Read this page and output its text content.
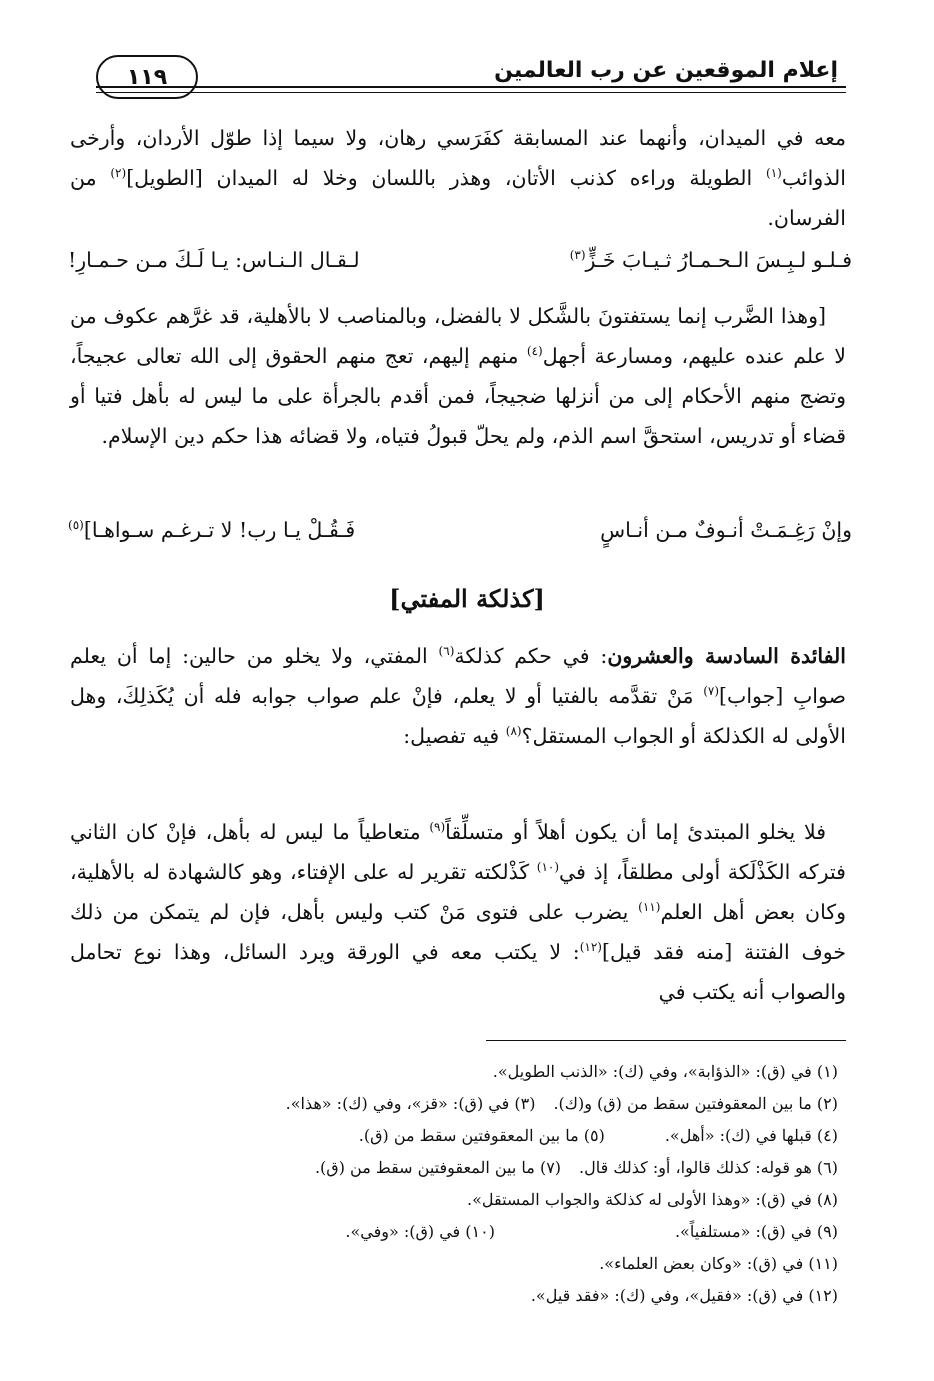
إعلام الموقعين عن رب العالمين
١١٩
معه في الميدان، وأنهما عند المسابقة كفَرَسي رهان، ولا سيما إذا طوّل الأردان، وأرخى الذوائب$^{(١)}$ الطويلة وراءه كذنب الأتان، وهذر باللسان وخلا له الميدان [الطويل]$^{(٢)}$ من الفرسان.
فـلـو لـبِـسَ الـحـمـارُ ثـيـابَ خَـزٍّ$^{(٣)}$
لـقـال الـنـاس: يـا لَـكَ مـن حـمـارِ!
[وهذا الضَّرب إنما يستفتونَ بالشَّكل لا بالفضل، وبالمناصب لا بالأهلية، قد غرَّهم عكوف من لا علم عنده عليهم، ومسارعة أجهل$^{(٤)}$ منهم إليهم، تعج منهم الحقوق إلى الله تعالى عجيجاً، وتضج منهم الأحكام إلى من أنزلها ضجيجاً، فمن أقدم بالجرأة على ما ليس له بأهل فتيا أو قضاء أو تدريس، استحقَّ اسم الذم، ولم يحلّ قبولُ فتياه، ولا قضائه هذا حكم دين الإسلام.
وإنْ رَغِـمَـتْ أنـوفٌ مـن أنـاسٍ
فَـقُـلْ يـا رب! لا تـرغـم سـواهـا]$^{(٥)}$
[كذلكة المفتي]
الفائدة السادسة والعشرون: في حكم كذلكة$^{(٦)}$ المفتي، ولا يخلو من حالين: إما أن يعلم صوابِ [جواب]$^{(٧)}$ مَنْ تقدَّمه بالفتيا أو لا يعلم، فإنْ علم صواب جوابه فله أن يُكَذلِكَ، وهل الأولى له الكذلكة أو الجواب المستقل؟$^{(٨)}$ فيه تفصيل:
فلا يخلو المبتدئ إما أن يكون أهلاً أو متسلِّقاً$^{(٩)}$ متعاطياً ما ليس له بأهل، فإنْ كان الثاني فتركه الكَذْلَكة أولى مطلقاً، إذ في$^{(١٠)}$ كَذْلكته تقرير له على الإفتاء، وهو كالشهادة له بالأهلية، وكان بعض أهل العلم$^{(١١)}$ يضرب على فتوى مَنْ كتب وليس بأهل، فإن لم يتمكن من ذلك خوف الفتنة [منه فقد قيل]$^{(١٢)}$: لا يكتب معه في الورقة ويرد السائل، وهذا نوع تحامل والصواب أنه يكتب في
(١) في (ق): «الذؤابة»، وفي (ك): «الذنب الطويل».
(٢) ما بين المعقوفتين سقط من (ق) و(ك).(٣) في (ق): «قز»، وفي (ك): «هذا».
(٤) قبلها في (ك): «أهل».(٥) ما بين المعقوفتين سقط من (ق).
(٦) هو قوله: كذلك قالوا، أو: كذلك قال.(٧) ما بين المعقوفتين سقط من (ق).
(٨) في (ق): «وهذا الأولى له كذلكة والجواب المستقل».
(٩) في (ق): «مستلفياً».(١٠) في (ق): «وفي».
(١١) في (ق): «وكان بعض العلماء».
(١٢) في (ق): «فقيل»، وفي (ك): «فقد قيل».
